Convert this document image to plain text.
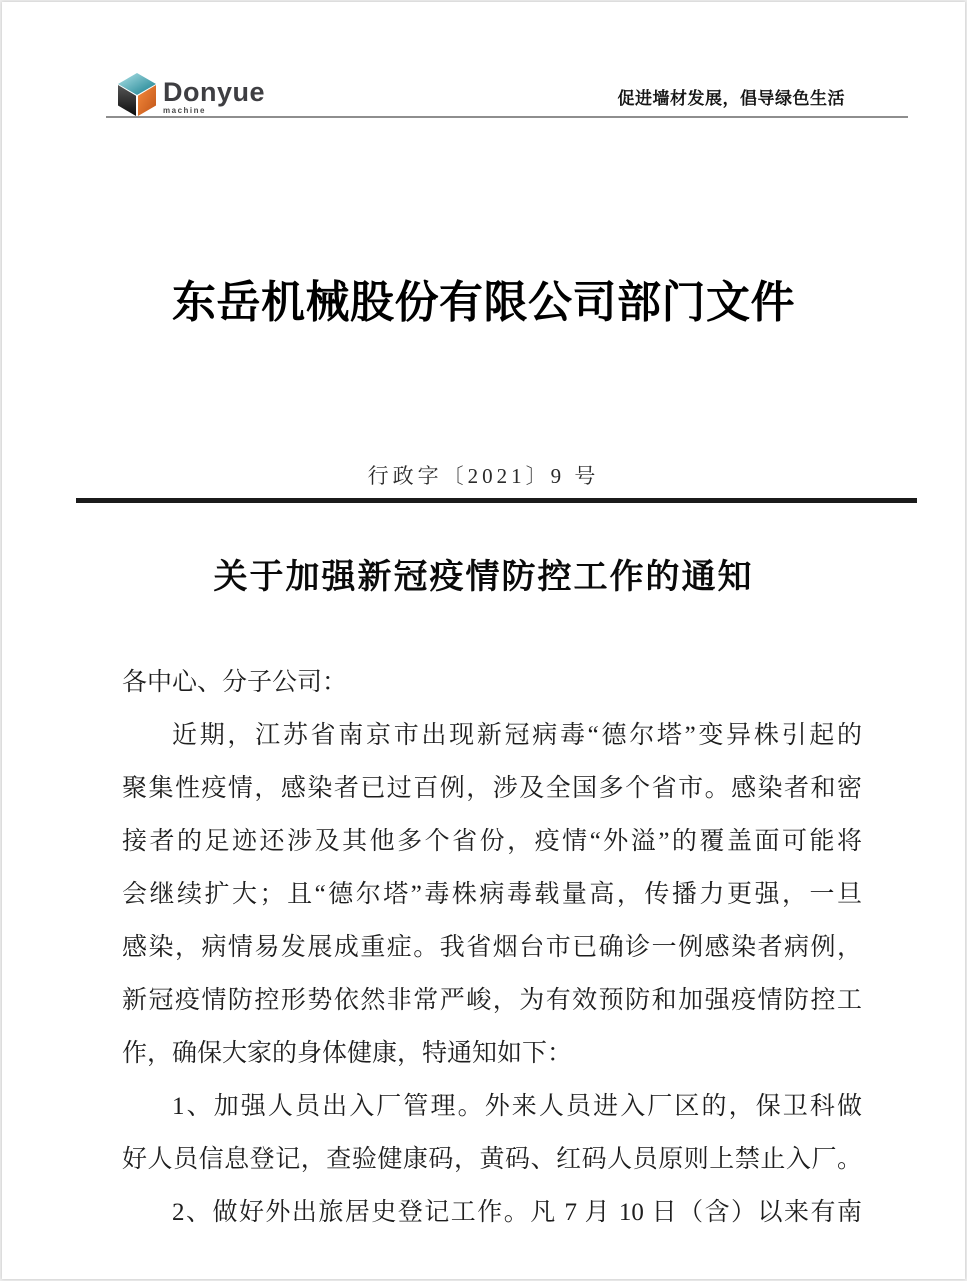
Donyue
machine
促进墙材发展，倡导绿色生活
东岳机械股份有限公司部门文件
行政字〔2021〕9 号
关于加强新冠疫情防控工作的通知
各中心、分子公司：
近期，江苏省南京市出现新冠病毒“德尔塔”变异株引起的
聚集性疫情，感染者已过百例，涉及全国多个省市。感染者和密
接者的足迹还涉及其他多个省份，疫情“外溢”的覆盖面可能将
会继续扩大；且“德尔塔”毒株病毒载量高，传播力更强，一旦
感染，病情易发展成重症。我省烟台市已确诊一例感染者病例，
新冠疫情防控形势依然非常严峻，为有效预防和加强疫情防控工
作，确保大家的身体健康，特通知如下：
1、加强人员出入厂管理。外来人员进入厂区的，保卫科做
好人员信息登记，查验健康码，黄码、红码人员原则上禁止入厂。
2、做好外出旅居史登记工作。凡 7 月 10 日（含）以来有南
